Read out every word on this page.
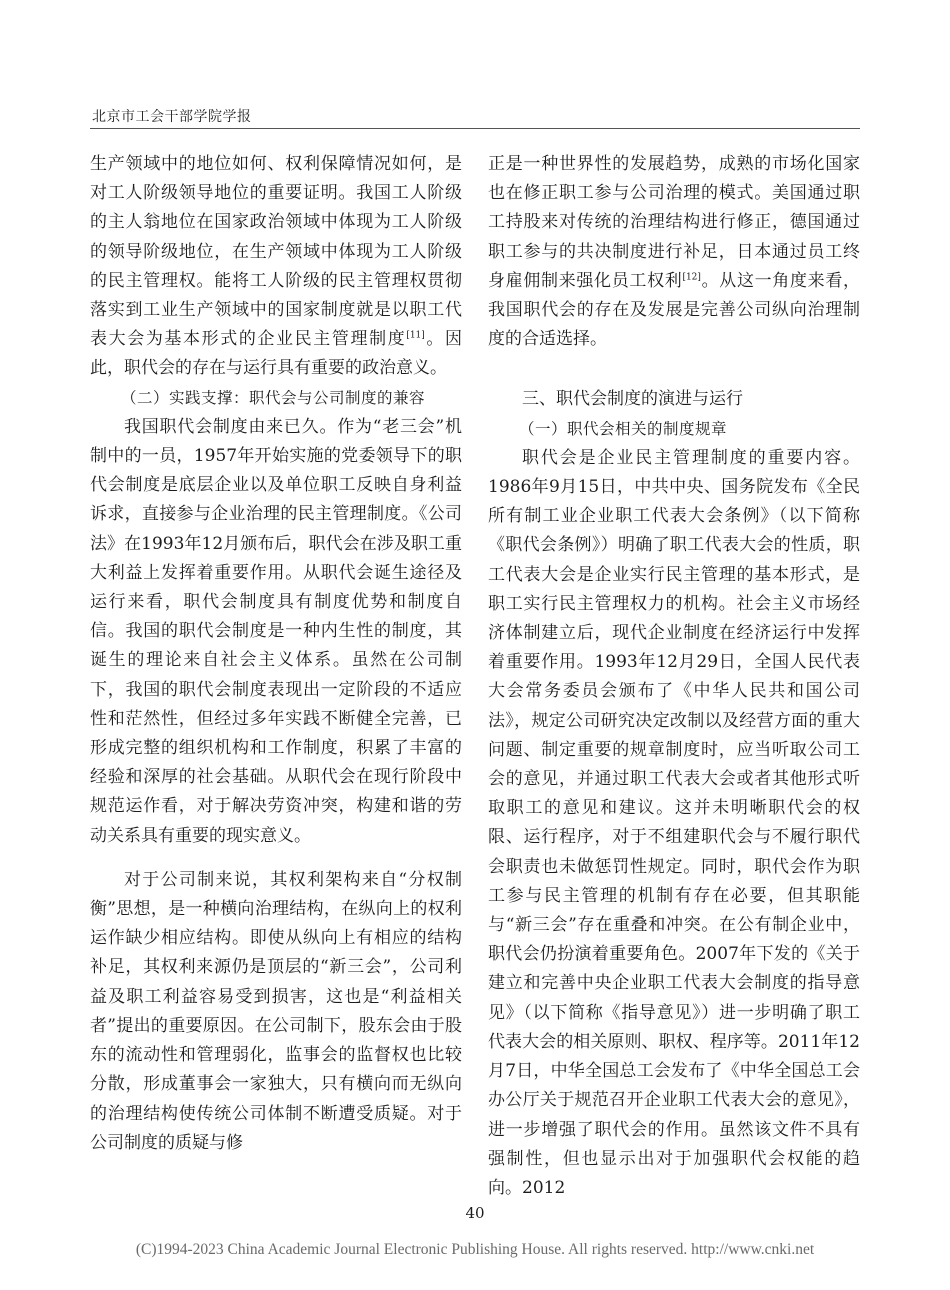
北京市工会干部学院学报

生产领域中的地位如何、权利保障情况如何，是对工人阶级领导地位的重要证明。我国工人阶级的主人翁地位在国家政治领域中体现为工人阶级的领导阶级地位，在生产领域中体现为工人阶级的民主管理权。能将工人阶级的民主管理权贯彻落实到工业生产领域中的国家制度就是以职工代表大会为基本形式的企业民主管理制度[11]。因此，职代会的存在与运行具有重要的政治意义。

（二）实践支撑：职代会与公司制度的兼容

我国职代会制度由来已久。作为“老三会”机制中的一员，1957年开始实施的党委领导下的职代会制度是底层企业以及单位职工反映自身利益诉求，直接参与企业治理的民主管理制度。《公司法》在1993年12月颁布后，职代会在涉及职工重大利益上发挥着重要作用。从职代会诞生途径及运行来看，职代会制度具有制度优势和制度自信。我国的职代会制度是一种内生性的制度，其诞生的理论来自社会主义体系。虽然在公司制下，我国的职代会制度表现出一定阶段的不适应性和茫然性，但经过多年实践不断健全完善，已形成完整的组织机构和工作制度，积累了丰富的经验和深厚的社会基础。从职代会在现行阶段中规范运作看，对于解决劳资冲突，构建和谐的劳动关系具有重要的现实意义。

对于公司制来说，其权利架构来自“分权制衡”思想，是一种横向治理结构，在纵向上的权利运作缺少相应结构。即使从纵向上有相应的结构补足，其权利来源仍是顶层的“新三会”，公司利益及职工利益容易受到损害，这也是“利益相关者”提出的重要原因。在公司制下，股东会由于股东的流动性和管理弱化，监事会的监督权也比较分散，形成董事会一家独大，只有横向而无纵向的治理结构使传统公司体制不断遭受质疑。对于公司制度的质疑与修

正是一种世界性的发展趋势，成熟的市场化国家也在修正职工参与公司治理的模式。美国通过职工持股来对传统的治理结构进行修正，德国通过职工参与的共决制度进行补足，日本通过员工终身雇佣制来强化员工权利[12]。从这一角度来看，我国职代会的存在及发展是完善公司纵向治理制度的合适选择。

三、职代会制度的演进与运行
（一）职代会相关的制度规章

职代会是企业民主管理制度的重要内容。1986年9月15日，中共中央、国务院发布《全民所有制工业企业职工代表大会条例》（以下简称《职代会条例》）明确了职工代表大会的性质，职工代表大会是企业实行民主管理的基本形式，是职工实行民主管理权力的机构。社会主义市场经济体制建立后，现代企业制度在经济运行中发挥着重要作用。1993年12月29日，全国人民代表大会常务委员会颁布了《中华人民共和国公司法》，规定公司研究决定改制以及经营方面的重大问题、制定重要的规章制度时，应当听取公司工会的意见，并通过职工代表大会或者其他形式听取职工的意见和建议。这并未明晰职代会的权限、运行程序，对于不组建职代会与不履行职代会职责也未做惩罚性规定。同时，职代会作为职工参与民主管理的机制有存在必要，但其职能与“新三会”存在重叠和冲突。在公有制企业中，职代会仍扮演着重要角色。2007年下发的《关于建立和完善中央企业职工代表大会制度的指导意见》（以下简称《指导意见》）进一步明确了职工代表大会的相关原则、职权、程序等。2011年12月7日，中华全国总工会发布了《中华全国总工会办公厅关于规范召开企业职工代表大会的意见》，进一步增强了职代会的作用。虽然该文件不具有强制性，但也显示出对于加强职代会权能的趋向。2012

40
(C)1994-2023 China Academic Journal Electronic Publishing House. All rights reserved. http://www.cnki.net
